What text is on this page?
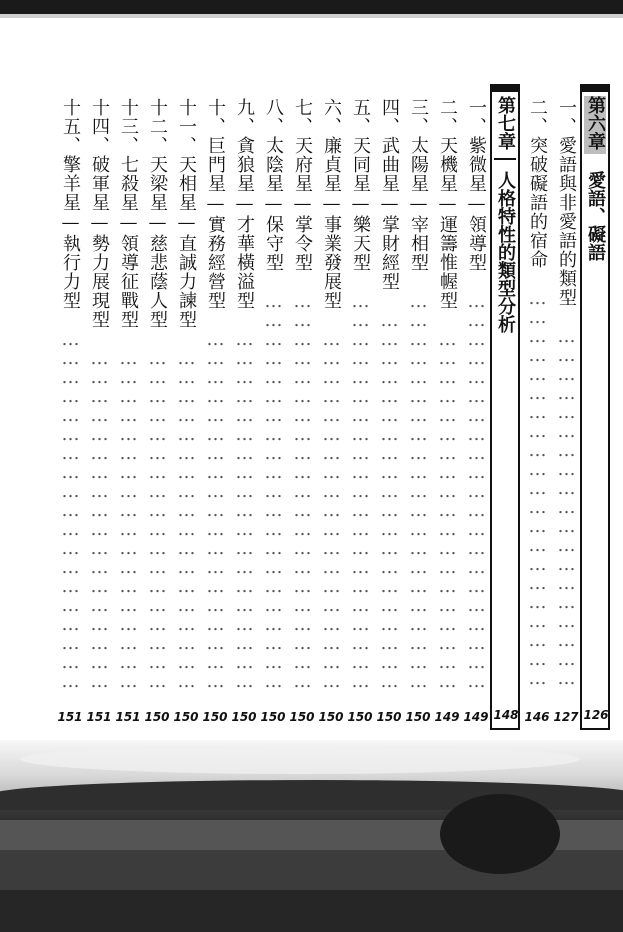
第六章 愛語、礙語
126
一、愛語與非愛語的類型 ……………………………………………………………………………………………
127
二、突破礙語的宿命 ……………………………………………………………………………………………
146
第七章 人格特性的類型分析
148
一、紫微星—領導型 ……………………………………………………………………………………………
149
二、天機星—運籌惟幄型 ……………………………………………………………………………………………
149
三、太陽星—宰相型 ……………………………………………………………………………………………
150
四、武曲星—掌財經型 ……………………………………………………………………………………………
150
五、天同星—樂天型 ……………………………………………………………………………………………
150
六、廉貞星—事業發展型 ……………………………………………………………………………………………
150
七、天府星—掌令型 ……………………………………………………………………………………………
150
八、太陰星—保守型 ……………………………………………………………………………………………
150
九、貪狼星—才華橫溢型 ……………………………………………………………………………………………
150
十、巨門星—實務經營型 ……………………………………………………………………………………………
150
十一、天相星—直誠力諫型 ……………………………………………………………………………………………
150
十二、天梁星—慈悲蔭人型 ……………………………………………………………………………………………
150
十三、七殺星—領導征戰型 ……………………………………………………………………………………………
151
十四、破軍星—勢力展現型 ……………………………………………………………………………………………
151
十五、擎羊星—執行力型 ……………………………………………………………………………………………
151
